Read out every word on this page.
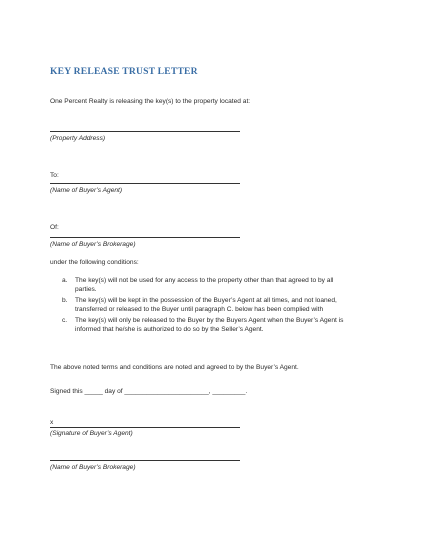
KEY RELEASE TRUST LETTER
One Percent Realty is releasing the key(s) to the property located at:
(Property Address)
To:
(Name of Buyer’s Agent)
Of:
(Name of Buyer’s Brokerage)
under the following conditions:
a.	The key(s) will not be used for any access to the property other than that agreed to by all
parties.
b.	The key(s) will be kept in the possession of the Buyer’s Agent at all times, and not loaned,
transferred or released to the Buyer until paragraph C. below has been complied with
c.	The key(s) will only be released to the Buyer by the Buyers Agent when the Buyer’s Agent is
informed that he/she is authorized to do so by the Seller’s Agent.
The above noted terms and conditions are noted and agreed to by the Buyer’s Agent.
Signed this _____ day of _______________________, _________.
x
(Signature of Buyer’s Agent)
(Name of Buyer’s Brokerage)
